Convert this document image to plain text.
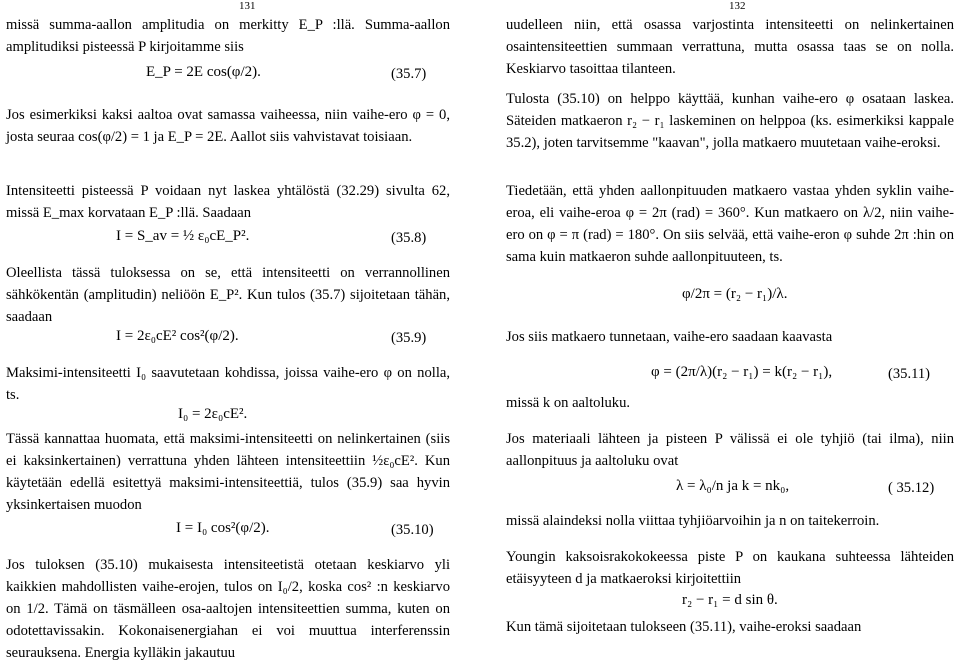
131

missä summa-aallon amplitudia on merkitty E_P :llä. Summa-aallon amplitudiksi pisteessä P kirjoitamme siis

E_P = 2E cos(φ/2).	(35.7)

Jos esimerkiksi kaksi aaltoa ovat samassa vaiheessa, niin vaihe-ero φ = 0, josta seuraa cos(φ/2) = 1 ja E_P = 2E. Aallot siis vahvistavat toisiaan.

Intensiteetti pisteessä P voidaan nyt laskea yhtälöstä (32.29) sivulta 62, missä E_max korvataan E_P :llä. Saadaan

I = S_av = ½ ε₀cE_P².	(35.8)

Oleellista tässä tuloksessa on se, että intensiteetti on verrannollinen sähkökentän (amplitudin) neliöön E_P². Kun tulos (35.7) sijoitetaan tähän, saadaan

I = 2ε₀cE² cos²(φ/2).	(35.9)

Maksimi-intensiteetti I₀ saavutetaan kohdissa, joissa vaihe-ero φ on nolla, ts.

I₀ = 2ε₀cE².

Tässä kannattaa huomata, että maksimi-intensiteetti on nelinkertainen (siis ei kaksinkertainen) verrattuna yhden lähteen intensiteettiin ½ε₀cE². Kun käytetään edellä esitettyä maksimi-intensiteettiä, tulos (35.9) saa hyvin yksinkertaisen muodon

I = I₀ cos²(φ/2).	(35.10)

Jos tuloksen (35.10) mukaisesta intensiteetistä otetaan keskiarvo yli kaikkien mahdollisten vaihe-erojen, tulos on I₀/2, koska cos² :n keskiarvo on 1/2. Tämä on täsmälleen osa-aaltojen intensiteettien summa, kuten on odotettavissakin. Kokonaisenergiahan ei voi muuttua interferenssin seurauksena. Energia kylläkin jakautuu

132

uudelleen niin, että osassa varjostinta intensiteetti on nelinkertainen osaintensiteettien summaan verrattuna, mutta osassa taas se on nolla. Keskiarvo tasoittaa tilanteen.

Tulosta (35.10) on helppo käyttää, kunhan vaihe-ero φ osataan laskea. Säteiden matkaeron r₂ − r₁ laskeminen on helppoa (ks. esimerkiksi kappale 35.2), joten tarvitsemme "kaavan", jolla matkaero muutetaan vaihe-eroksi.

Tiedetään, että yhden aallonpituuden matkaero vastaa yhden syklin vaihe-eroa, eli vaihe-eroa φ = 2π (rad) = 360°. Kun matkaero on λ/2, niin vaihe-ero on φ = π (rad) = 180°. On siis selvää, että vaihe-eron φ suhde 2π :hin on sama kuin matkaeron suhde aallonpituuteen, ts.

φ/2π = (r₂ − r₁)/λ.

Jos siis matkaero tunnetaan, vaihe-ero saadaan kaavasta

φ = (2π/λ)(r₂ − r₁) = k(r₂ − r₁),	(35.11)

missä k on aaltoluku.

Jos materiaali lähteen ja pisteen P välissä ei ole tyhjiö (tai ilma), niin aallonpituus ja aaltoluku ovat

λ = λ₀/n ja k = nk₀,	( 35.12)

missä alaindeksi nolla viittaa tyhjiöarvoihin ja n on taitekerroin.

Youngin kaksoisrakokokeessa piste P on kaukana suhteessa lähteiden etäisyyteen d ja matkaeroksi kirjoitettiin

r₂ − r₁ = d sin θ.

Kun tämä sijoitetaan tulokseen (35.11), vaihe-eroksi saadaan
